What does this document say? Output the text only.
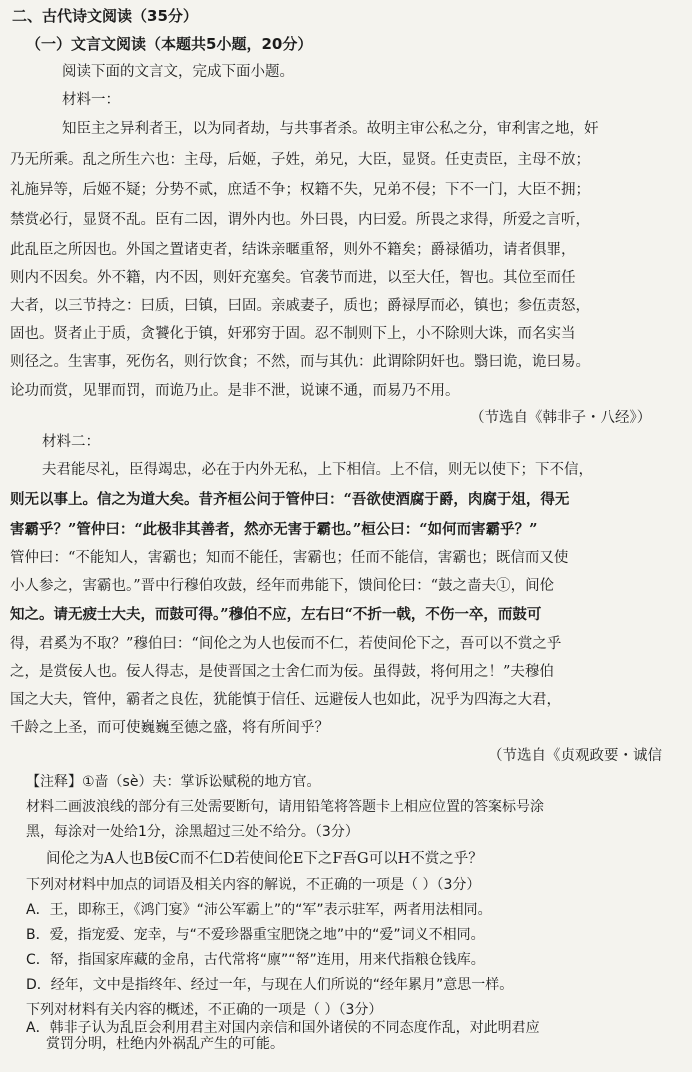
二、古代诗文阅读（35分）
（一）文言文阅读（本题共5小题，20分）
阅读下面的文言文，完成下面小题。
材料一：
知臣主之异利者王，以为同者劫，与共事者杀。故明主审公私之分，审利害之地，奸
乃无所乘。乱之所生六也：主母，后姬，子姓，弟兄，大臣，显贤。任吏责臣，主母不放；
礼施异等，后姬不疑；分势不贰，庶适不争；权籍不失，兄弟不侵；下不一门，大臣不拥；
禁赏必行，显贤不乱。臣有二因，谓外内也。外曰畏，内曰爱。所畏之求得，所爱之言听，
此乱臣之所因也。外国之置诸吏者，结诛亲暱重帑，则外不籍矣；爵禄循功，请者俱罪，
则内不因矣。外不籍，内不因，则奸充塞矣。官袭节而进，以至大任，智也。其位至而任
大者，以三节持之：曰质，曰镇，曰固。亲戚妻子，质也；爵禄厚而必，镇也；参伍责怒，
固也。贤者止于质，贪饕化于镇，奸邪穷于固。忍不制则下上，小不除则大诛，而名实当
则径之。生害事，死伤名，则行饮食；不然，而与其仇：此谓除阴奸也。翳曰诡，诡曰易。
论功而赏，见罪而罚，而诡乃止。是非不泄，说谏不通，而易乃不用。
（节选自《韩非子・八经》）
材料二：
夫君能尽礼，臣得竭忠，必在于内外无私，上下相信。上不信，则无以使下；下不信，
则无以事上。信之为道大矣。昔齐桓公问于管仲曰：“吾欲使酒腐于爵，肉腐于俎，得无
害霸乎？”管仲曰：“此极非其善者，然亦无害于霸也。”桓公曰：“如何而害霸乎？”
管仲曰：“不能知人，害霸也；知而不能任，害霸也；任而不能信，害霸也；既信而又使
小人参之，害霸也。”晋中行穆伯攻鼓，经年而弗能下，馈间伦曰：“鼓之啬夫①，间伦
知之。请无疲士大夫，而鼓可得。”穆伯不应，左右曰“不折一戟，不伤一卒，而鼓可
得，君奚为不取？”穆伯曰：“间伦之为人也佞而不仁，若使间伦下之，吾可以不赏之乎
之，是赏佞人也。佞人得志，是使晋国之士舍仁而为佞。虽得鼓，将何用之！”夫穆伯
国之大夫，管仲，霸者之良佐，犹能慎于信任、远避佞人也如此，况乎为四海之大君，
千龄之上圣，而可使巍巍至德之盛，将有所间乎？
（节选自《贞观政要・诚信
【注释】①啬（sè）夫：掌诉讼赋税的地方官。
材料二画波浪线的部分有三处需要断句，请用铅笔将答题卡上相应位置的答案标号涂
黑，每涂对一处给1分，涂黑超过三处不给分。（3分）
间伦之为A人也B佞C而不仁D若使间伦E下之F吾G可以H不赏之乎？
下列对材料中加点的词语及相关内容的解说，不正确的一项是（ ）（3分）
A．王，即称王，《鸿门宴》“沛公军霸上”的“军”表示驻军，两者用法相同。
B．爱，指宠爱、宠幸，与“不爱珍器重宝肥饶之地”中的“爱”词义不相同。
C．帑，指国家库藏的金帛，古代常将“廪”“帑”连用，用来代指粮仓钱库。
D．经年，文中是指终年、经过一年，与现在人们所说的“经年累月”意思一样。
下列对材料有关内容的概述，不正确的一项是（ ）（3分）
A．韩非子认为乱臣会利用君主对国内亲信和国外诸侯的不同态度作乱，对此明君应
赏罚分明，杜绝内外祸乱产生的可能。
